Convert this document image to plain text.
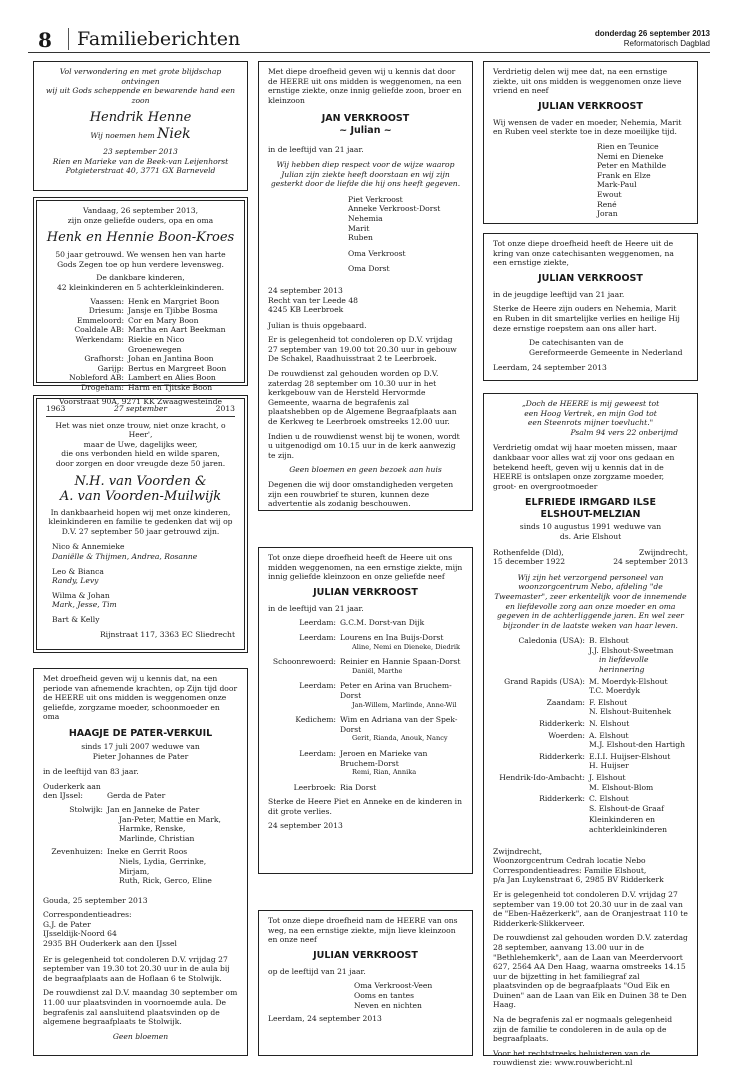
8	Familieberichten	donderdag 26 september 2013
Reformatorisch Dagblad
Vol verwondering en met grote blijdschap ontvingen
wij uit Gods scheppende en bewarende hand een zoon
Hendrik Henne
Wij noemen hem Niek
23 september 2013
Rien en Marieke van de Beek-van Leijenhorst
Potgieterstraat 40, 3771 GX Barneveld
Vandaag, 26 september 2013,
zijn onze geliefde ouders, opa en oma
Henk en Hennie Boon-Kroes
50 jaar getrouwd. We wensen hen van harte
Gods Zegen toe op hun verdere levensweg.
De dankbare kinderen,
42 kleinkinderen en 5 achterkleinkinderen.
Vaassen: Henk en Margriet Boon
Driesum: Jansje en Tjibbe Bosma
Emmeloord: Cor en Mary Boon
Coaldale AB: Martha en Aart Beekman
Werkendam: Riekie en Nico Groenewegen
Grafhorst: Johan en Jantina Boon
Garijp: Bertus en Margreet Boon
Nobleford AB: Lambert en Alies Boon
Drogeham: Harm en Tjitske Boon
Voorstraat 90A, 9271 KK Zwaagwesteinde
1963	27 september	2013
Het was niet onze trouw, niet onze kracht, o Heer',
maar de Uwe, dagelijks weer,
die ons verbonden hield en wilde sparen,
door zorgen en door vreugde deze 50 jaren.
N.H. van Voorden &
A. van Voorden-Muilwijk
In dankbaarheid hopen wij met onze kinderen,
kleinkinderen en familie te gedenken dat wij op
D.V. 27 september 50 jaar getrouwd zijn.
Nico & Annemieke
Daniëlle & Thijmen, Andrea, Rosanne
Leo & Bianca
Randy, Levy
Wilma & Johan
Mark, Jesse, Tim
Bart & Kelly
Rijnstraat 117, 3363 EC Sliedrecht

Met droefheid geven wij u kennis dat, na een periode van afnemende krachten, op Zijn tijd door de HEERE uit ons midden is weggenomen onze geliefde, zorgzame moeder, schoonmoeder en oma

HAAGJE DE PATER-VERKUIL
sinds 17 juli 2007 weduwe van
Pieter Johannes de Pater

in de leeftijd van 83 jaar.

Ouderkerk aan den IJssel:	Gerda de Pater
Stolwijk: Jan en Janneke de Pater
Jan-Peter, Mattie en Mark,
Harmke, Renske,
Marlinde, Christian
Zevenhuizen: Ineke en Gerrit Roos
Niels, Lydia, Gerrinke, Mirjam,
Ruth, Rick, Gerco, Eline

Gouda, 25 september 2013

Correspondentieadres:
G.J. de Pater
IJsseldijk-Noord 64
2935 BH Ouderkerk aan den IJssel

Er is gelegenheid tot condoleren D.V. vrijdag 27 september van 19.30 tot 20.30 uur in de aula bij de begraafplaats aan de Hoflaan 6 te Stolwijk.

De rouwdienst zal D.V. maandag 30 september om 11.00 uur plaatsvinden in voornoemde aula. De begrafenis zal aansluitend plaatsvinden op de algemene begraafplaats te Stolwijk.

Geen bloemen

Met diepe droefheid geven wij u kennis dat door de HEERE uit ons midden is weggenomen, na een ernstige ziekte, onze innig geliefde zoon, broer en kleinzoon

JAN VERKROOST
~ Julian ~

in de leeftijd van 21 jaar.

Wij hebben diep respect voor de wijze waarop Julian zijn ziekte heeft doorstaan en wij zijn gesterkt door de liefde die hij ons heeft gegeven.

Piet Verkroost
Anneke Verkroost-Dorst
Nehemia
Marit
Ruben
Oma Verkroost
Oma Dorst
24 september 2013
Recht van ter Leede 48
4245 KB Leerbroek

Julian is thuis opgebaard.

Er is gelegenheid tot condoleren op D.V. vrijdag 27 september van 19.00 tot 20.30 uur in gebouw De Schakel, Raadhuisstraat 2 te Leerbroek.

De rouwdienst zal gehouden worden op D.V. zaterdag 28 september om 10.30 uur in het kerkgebouw van de Hersteld Hervormde Gemeente, waarna de begrafenis zal plaatshebben op de Algemene Begraafplaats aan de Kerkweg te Leerbroek omstreeks 12.00 uur.

Indien u de rouwdienst wenst bij te wonen, wordt u uitgenodigd om 10.15 uur in de kerk aanwezig te zijn.

Geen bloemen en geen bezoek aan huis

Degenen die wij door omstandigheden vergeten zijn een rouwbrief te sturen, kunnen deze advertentie als zodanig beschouwen.

Tot onze diepe droefheid heeft de Heere uit ons midden weggenomen, na een ernstige ziekte, mijn innig geliefde kleinzoon en onze geliefde neef

JULIAN VERKROOST

in de leeftijd van 21 jaar.

Leerdam: G.C.M. Dorst-van Dijk
Leerdam: Lourens en Ina Buijs-Dorst
Aline, Nemi en Dieneke, Diedrik
Schoonrewoerd: Reinier en Hannie Spaan-Dorst
Daniël, Marthe
Leerdam: Peter en Arina van Bruchem-Dorst
Jan-Willem, Marlinde, Anne-Wil
Kedichem: Wim en Adriana van der Spek-Dorst
Gerit, Rianda, Anouk, Nancy
Leerdam: Jeroen en Marieke van Bruchem-Dorst
Remi, Rian, Annika
Leerbroek: Ria Dorst

Sterke de Heere Piet en Anneke en de kinderen in dit grote verlies.

24 september 2013

Tot onze diepe droefheid nam de HEERE van ons weg, na een ernstige ziekte, mijn lieve kleinzoon en onze neef

JULIAN VERKROOST

op de leeftijd van 21 jaar.

Oma Verkroost-Veen
Ooms en tantes
Neven en nichten
Leerdam, 24 september 2013

Verdrietig delen wij mee dat, na een ernstige ziekte, uit ons midden is weggenomen onze lieve vriend en neef

JULIAN VERKROOST

Wij wensen de vader en moeder, Nehemia, Marit en Ruben veel sterkte toe in deze moeilijke tijd.

Rien en Teunice
Nemi en Dieneke
Peter en Mathilde
Frank en Elze
Mark-Paul
Ewout
René
Joran

Tot onze diepe droefheid heeft de Heere uit de kring van onze catechisanten weggenomen, na een ernstige ziekte,

JULIAN VERKROOST

in de jeugdige leeftijd van 21 jaar.

Sterke de Heere zijn ouders en Nehemia, Marit en Ruben in dit smartelijke verlies en heilige Hij deze ernstige roepstem aan ons aller hart.

De catechisanten van de
Gereformeerde Gemeente in Nederland
Leerdam, 24 september 2013
„Doch de HEERE is mij geweest tot
een Hoog Vertrek, en mijn God tot
een Steenrots mijner toevlucht."
Psalm 94 vers 22 onberijmd

Verdrietig omdat wij haar moeten missen, maar dankbaar voor alles wat zij voor ons gedaan en betekend heeft, geven wij u kennis dat in de HEERE is ontslapen onze zorgzame moeder, groot- en overgrootmoeder

ELFRIEDE IRMGARD ILSE
ELSHOUT-MELZIAN
sinds 10 augustus 1991 weduwe van
ds. Arie Elshout
Rothenfelde (Dld),	Zwijndrecht,
15 december 1922	24 september 2013

Wij zijn het verzorgend personeel van woonzorgcentrum Nebo, afdeling "de Tweemaster", zeer erkentelijk voor de innemende en liefdevolle zorg aan onze moeder en oma gegeven in de achterliggende jaren. En wel zeer bijzonder in de laatste weken van haar leven.

Caledonia (USA): B. Elshout
J.J. Elshout-Sweetman
in liefdevolle herinnering
Grand Rapids (USA): M. Moerdyk-Elshout
T.C. Moerdyk
Zaandam: F. Elshout
N. Elshout-Buitenhek
Ridderkerk: N. Elshout
Woerden: A. Elshout
M.J. Elshout-den Hartigh
Ridderkerk: E.I.I. Huijser-Elshout
H. Huijser
Hendrik-Ido-Ambacht: J. Elshout
M. Elshout-Blom
Ridderkerk: C. Elshout
S. Elshout-de Graaf
Kleinkinderen en
achterkleinkinderen
Zwijndrecht,
Woonzorgcentrum Cedrah locatie Nebo
Correspondentieadres: Familie Elshout,
p/a Jan Luykenstraat 6, 2985 BV Ridderkerk

Er is gelegenheid tot condoleren D.V. vrijdag 27 september van 19.00 tot 20.30 uur in de zaal van de "Eben-Haëzerkerk", aan de Oranjestraat 110 te Ridderkerk-Slikkerveer.

De rouwdienst zal gehouden worden D.V. zaterdag 28 september, aanvang 13.00 uur in de "Bethlehemkerk", aan de Laan van Meerdervoort 627, 2564 AA Den Haag, waarna omstreeks 14.15 uur de bijzetting in het familiegraf zal plaatsvinden op de begraafplaats "Oud Eik en Duinen" aan de Laan van Eik en Duinen 38 te Den Haag.

Na de begrafenis zal er nogmaals gelegenheid zijn de familie te condoleren in de aula op de begraafplaats.

Voor het rechtstreeks beluisteren van de rouwdienst zie: www.rouwbericht.nl
